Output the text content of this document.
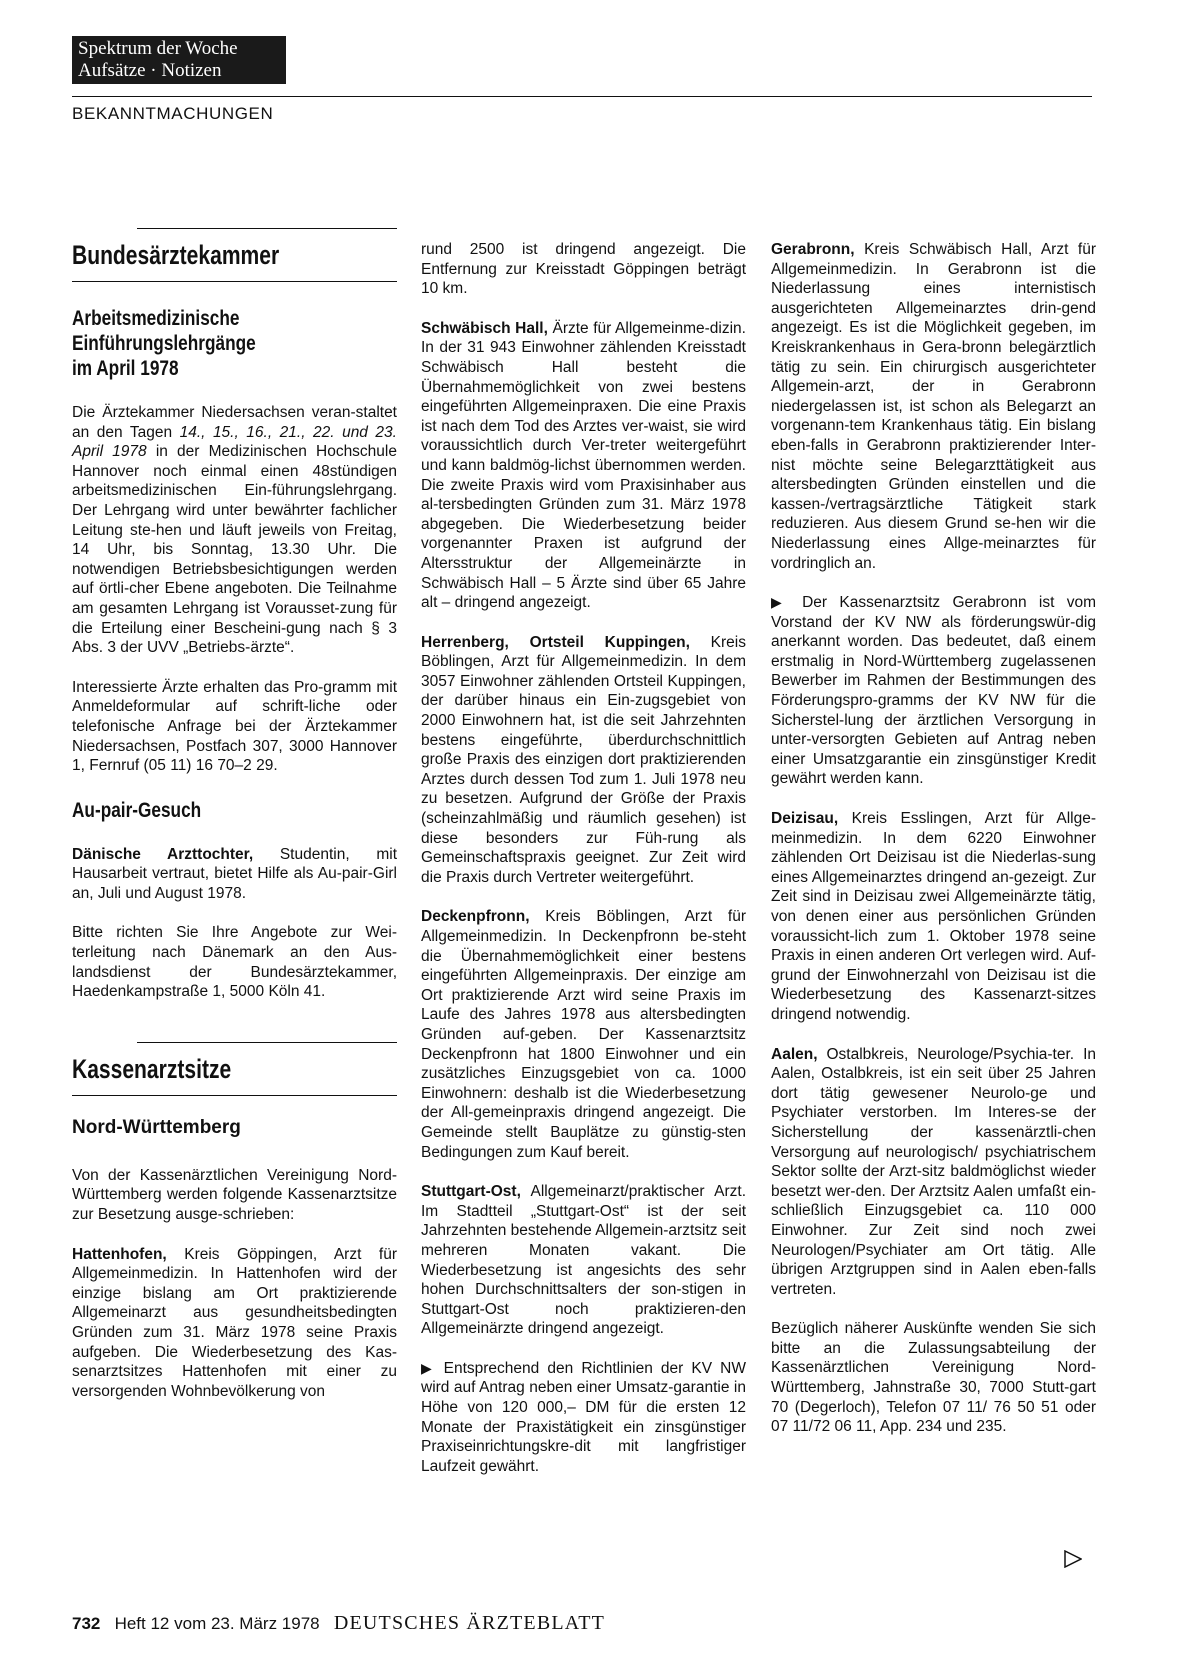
Spektrum der Woche
Aufsätze · Notizen
BEKANNTMACHUNGEN
Bundesärztekammer
Arbeitsmedizinische
Einführungslehrgänge
im April 1978

Die Ärztekammer Niedersachsen veran-staltet an den Tagen 14., 15., 16., 21., 22. und 23. April 1978 in der Medizinischen Hochschule Hannover noch einmal einen 48stündigen arbeitsmedizinischen Ein-führungslehrgang. Der Lehrgang wird unter bewährter fachlicher Leitung ste-hen und läuft jeweils von Freitag, 14 Uhr, bis Sonntag, 13.30 Uhr. Die notwendigen Betriebsbesichtigungen werden auf örtli-cher Ebene angeboten. Die Teilnahme am gesamten Lehrgang ist Vorausset-zung für die Erteilung einer Bescheini-gung nach § 3 Abs. 3 der UVV „Betriebs-ärzte“.

Interessierte Ärzte erhalten das Pro-gramm mit Anmeldeformular auf schrift-liche oder telefonische Anfrage bei der Ärztekammer Niedersachsen, Postfach 307, 3000 Hannover 1, Fernruf (05 11) 16 70–2 29.

Au-pair-Gesuch

Dänische Arzttochter, Studentin, mit Hausarbeit vertraut, bietet Hilfe als Au-pair-Girl an, Juli und August 1978.

Bitte richten Sie Ihre Angebote zur Wei-terleitung nach Dänemark an den Aus-landsdienst der Bundesärztekammer, Haedenkampstraße 1, 5000 Köln 41.

Kassenarztsitze
Nord-Württemberg

Von der Kassenärztlichen Vereinigung Nord-Württemberg werden folgende Kassenarztsitze zur Besetzung ausge-schrieben:

Hattenhofen, Kreis Göppingen, Arzt für Allgemeinmedizin. In Hattenhofen wird der einzige bislang am Ort praktizierende Allgemeinarzt aus gesundheitsbedingten Gründen zum 31. März 1978 seine Praxis aufgeben. Die Wiederbesetzung des Kas-senarztsitzes Hattenhofen mit einer zu versorgenden Wohnbevölkerung von

rund 2500 ist dringend angezeigt. Die Entfernung zur Kreisstadt Göppingen beträgt 10 km.

Schwäbisch Hall, Ärzte für Allgemeinme-dizin. In der 31 943 Einwohner zählenden Kreisstadt Schwäbisch Hall besteht die Übernahmemöglichkeit von zwei bestens eingeführten Allgemeinpraxen. Die eine Praxis ist nach dem Tod des Arztes ver-waist, sie wird voraussichtlich durch Ver-treter weitergeführt und kann baldmög-lichst übernommen werden. Die zweite Praxis wird vom Praxisinhaber aus al-tersbedingten Gründen zum 31. März 1978 abgegeben. Die Wiederbesetzung beider vorgenannter Praxen ist aufgrund der Altersstruktur der Allgemeinärzte in Schwäbisch Hall – 5 Ärzte sind über 65 Jahre alt – dringend angezeigt.

Herrenberg, Ortsteil Kuppingen, Kreis Böblingen, Arzt für Allgemeinmedizin. In dem 3057 Einwohner zählenden Ortsteil Kuppingen, der darüber hinaus ein Ein-zugsgebiet von 2000 Einwohnern hat, ist die seit Jahrzehnten bestens eingeführte, überdurchschnittlich große Praxis des einzigen dort praktizierenden Arztes durch dessen Tod zum 1. Juli 1978 neu zu besetzen. Aufgrund der Größe der Praxis (scheinzahlmäßig und räumlich gesehen) ist diese besonders zur Füh-rung als Gemeinschaftspraxis geeignet. Zur Zeit wird die Praxis durch Vertreter weitergeführt.

Deckenpfronn, Kreis Böblingen, Arzt für Allgemeinmedizin. In Deckenpfronn be-steht die Übernahmemöglichkeit einer bestens eingeführten Allgemeinpraxis. Der einzige am Ort praktizierende Arzt wird seine Praxis im Laufe des Jahres 1978 aus altersbedingten Gründen auf-geben. Der Kassenarztsitz Deckenpfronn hat 1800 Einwohner und ein zusätzliches Einzugsgebiet von ca. 1000 Einwohnern: deshalb ist die Wiederbesetzung der All-gemeinpraxis dringend angezeigt. Die Gemeinde stellt Bauplätze zu günstig-sten Bedingungen zum Kauf bereit.

Stuttgart-Ost, Allgemeinarzt/praktischer Arzt. Im Stadtteil „Stuttgart-Ost“ ist der seit Jahrzehnten bestehende Allgemein-arztsitz seit mehreren Monaten vakant. Die Wiederbesetzung ist angesichts des sehr hohen Durchschnittsalters der son-stigen in Stuttgart-Ost noch praktizieren-den Allgemeinärzte dringend angezeigt.

▶ Entsprechend den Richtlinien der KV NW wird auf Antrag neben einer Umsatz-garantie in Höhe von 120 000,– DM für die ersten 12 Monate der Praxistätigkeit ein zinsgünstiger Praxiseinrichtungskre-dit mit langfristiger Laufzeit gewährt.

Gerabronn, Kreis Schwäbisch Hall, Arzt für Allgemeinmedizin. In Gerabronn ist die Niederlassung eines internistisch ausgerichteten Allgemeinarztes drin-gend angezeigt. Es ist die Möglichkeit gegeben, im Kreiskrankenhaus in Gera-bronn belegärztlich tätig zu sein. Ein chirurgisch ausgerichteter Allgemein-arzt, der in Gerabronn niedergelassen ist, ist schon als Belegarzt an vorgenann-tem Krankenhaus tätig. Ein bislang eben-falls in Gerabronn praktizierender Inter-nist möchte seine Belegarzttätigkeit aus altersbedingten Gründen einstellen und die kassen-/vertragsärztliche Tätigkeit stark reduzieren. Aus diesem Grund se-hen wir die Niederlassung eines Allge-meinarztes für vordringlich an.

▶ Der Kassenarztsitz Gerabronn ist vom Vorstand der KV NW als förderungswür-dig anerkannt worden. Das bedeutet, daß einem erstmalig in Nord-Württemberg zugelassenen Bewerber im Rahmen der Bestimmungen des Förderungspro-gramms der KV NW für die Sicherstel-lung der ärztlichen Versorgung in unter-versorgten Gebieten auf Antrag neben einer Umsatzgarantie ein zinsgünstiger Kredit gewährt werden kann.

Deizisau, Kreis Esslingen, Arzt für Allge-meinmedizin. In dem 6220 Einwohner zählenden Ort Deizisau ist die Niederlas-sung eines Allgemeinarztes dringend an-gezeigt. Zur Zeit sind in Deizisau zwei Allgemeinärzte tätig, von denen einer aus persönlichen Gründen voraussicht-lich zum 1. Oktober 1978 seine Praxis in einen anderen Ort verlegen wird. Auf-grund der Einwohnerzahl von Deizisau ist die Wiederbesetzung des Kassenarzt-sitzes dringend notwendig.

Aalen, Ostalbkreis, Neurologe/Psychia-ter. In Aalen, Ostalbkreis, ist ein seit über 25 Jahren dort tätig gewesener Neurolo-ge und Psychiater verstorben. Im Interes-se der Sicherstellung der kassenärztli-chen Versorgung auf neurologisch/ psychiatrischem Sektor sollte der Arzt-sitz baldmöglichst wieder besetzt wer-den. Der Arztsitz Aalen umfaßt ein-schließlich Einzugsgebiet ca. 110 000 Einwohner. Zur Zeit sind noch zwei Neurologen/Psychiater am Ort tätig. Alle übrigen Arztgruppen sind in Aalen eben-falls vertreten.

Bezüglich näherer Auskünfte wenden Sie sich bitte an die Zulassungsabteilung der Kassenärztlichen Vereinigung Nord-Württemberg, Jahnstraße 30, 7000 Stutt-gart 70 (Degerloch), Telefon 07 11/ 76 50 51 oder 07 11/72 06 11, App. 234 und 235.

732 Heft 12 vom 23. März 1978 DEUTSCHES ÄRZTEBLATT
